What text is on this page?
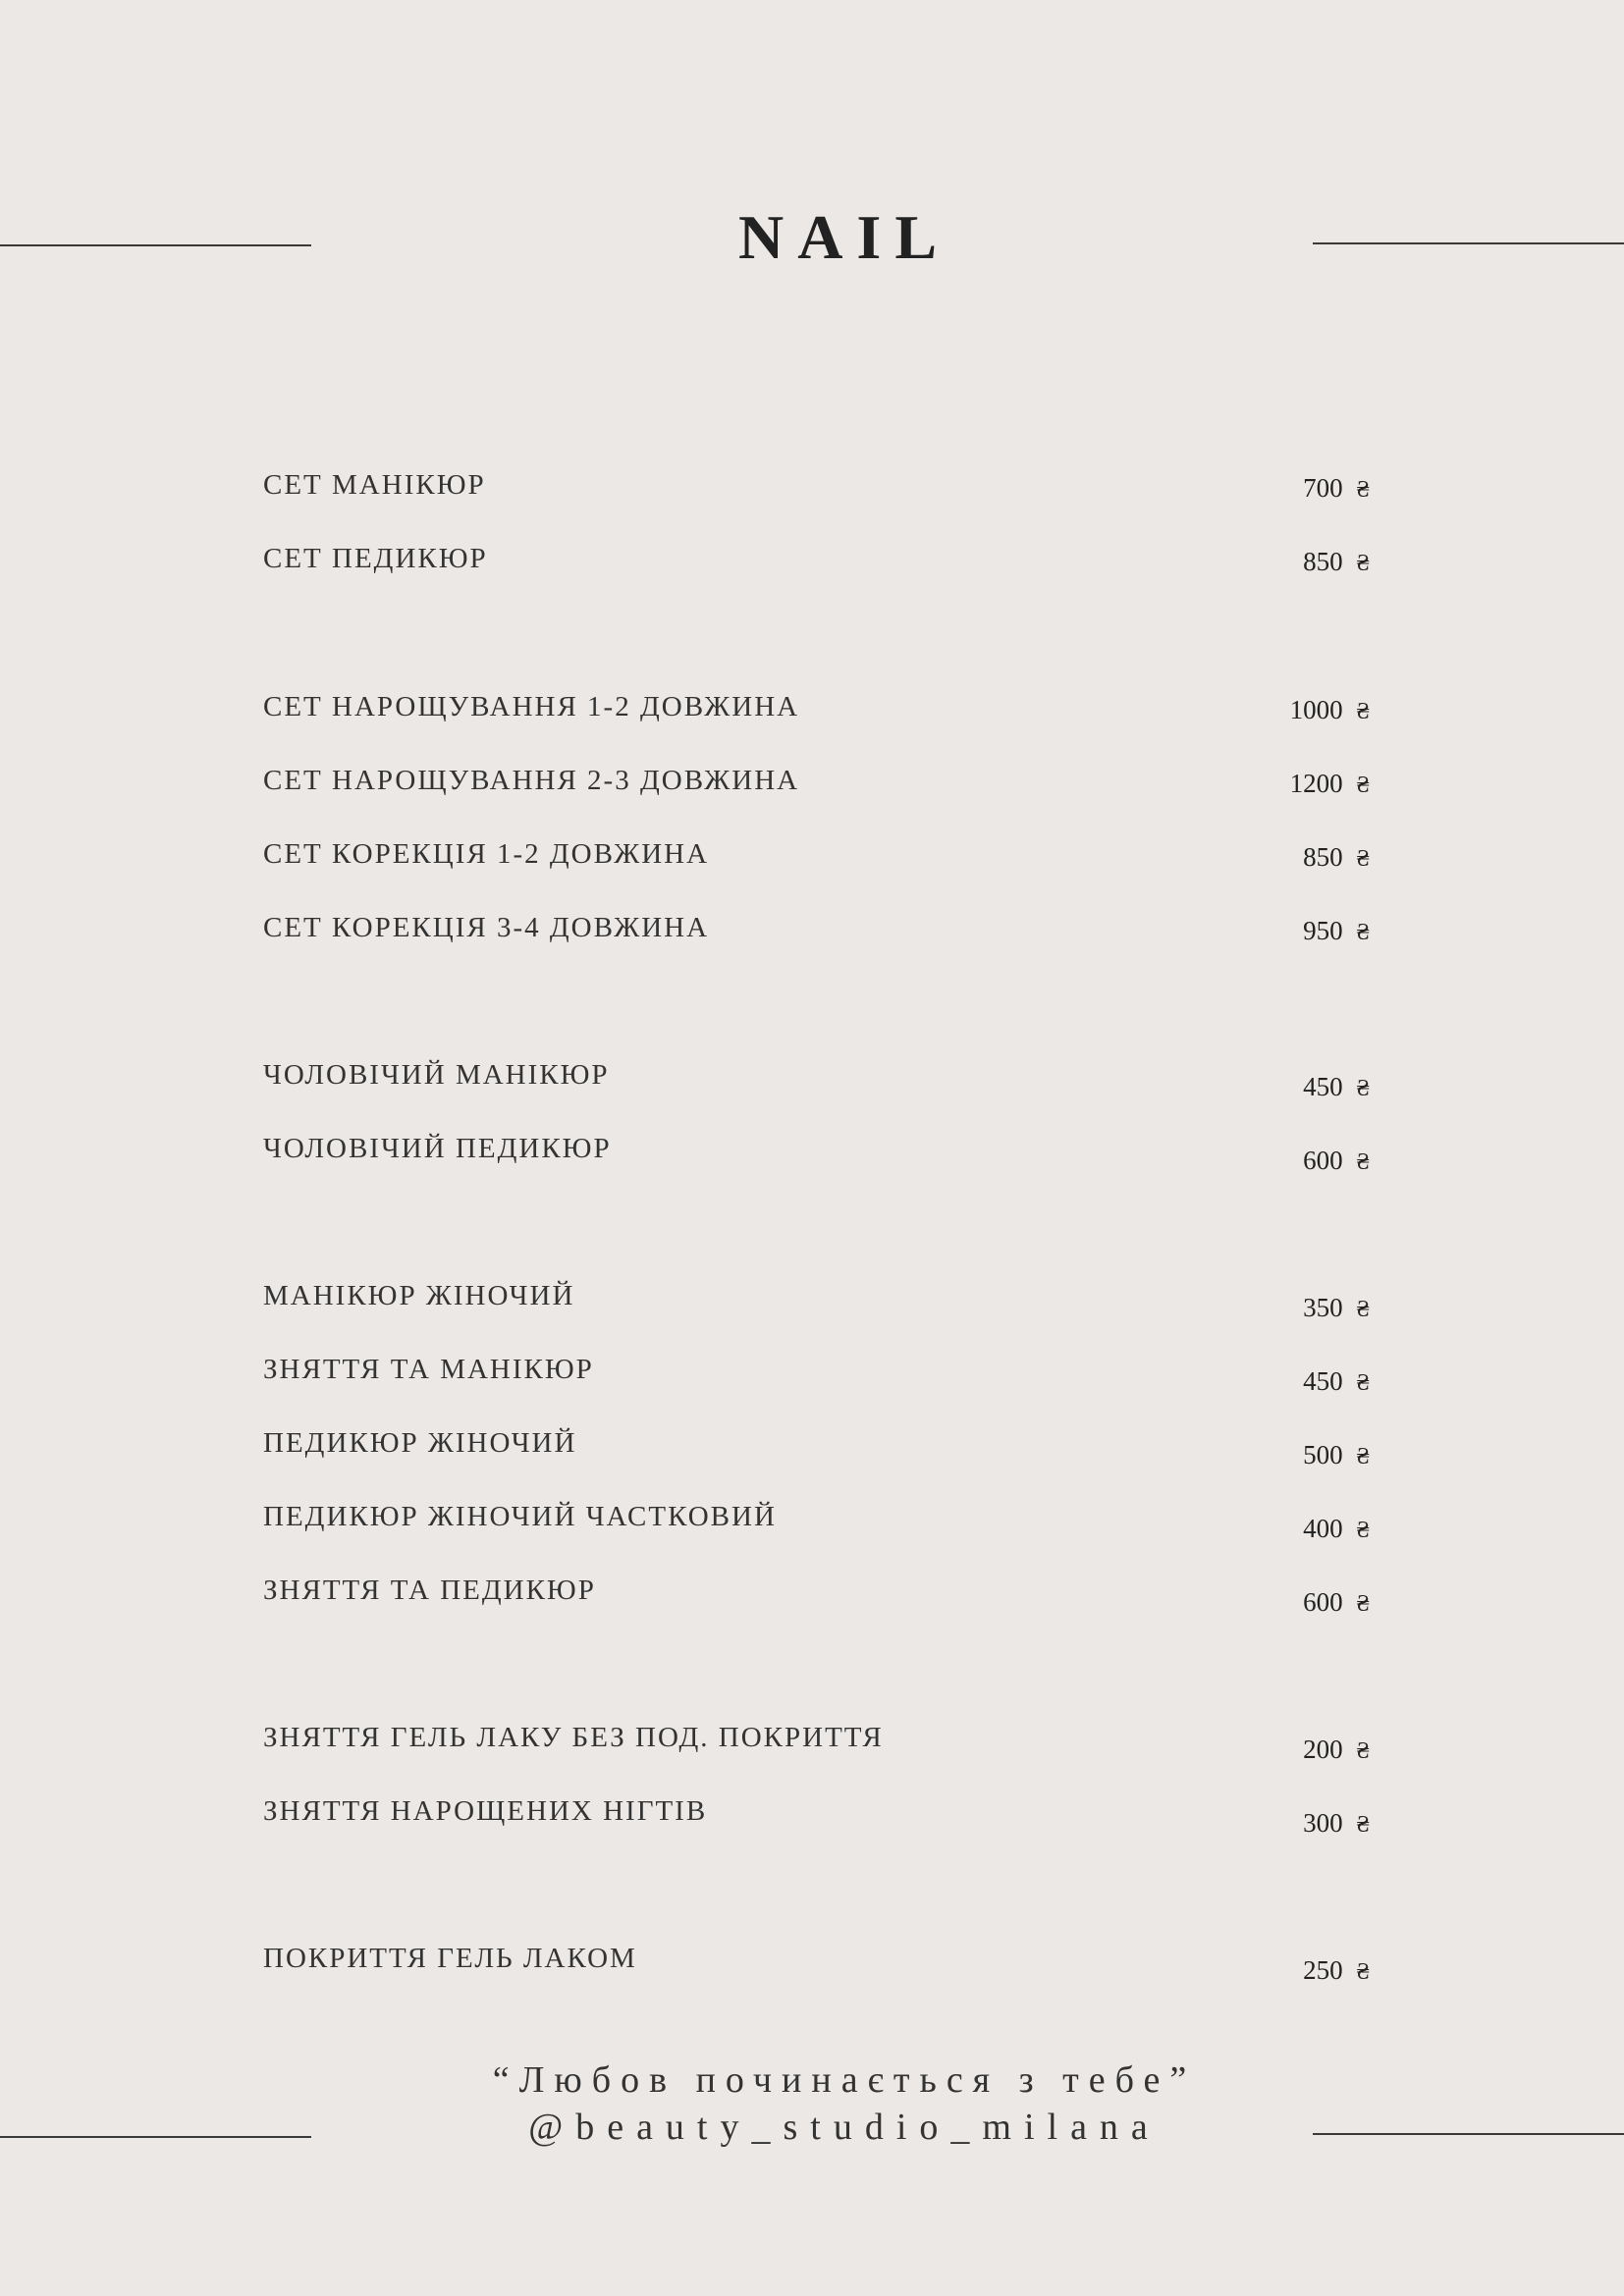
NAIL
СЕТ МАНІКЮР	700 ₴
СЕТ ПЕДИКЮР	850 ₴
СЕТ НАРОЩУВАННЯ 1-2 ДОВЖИНА	1000 ₴
СЕТ НАРОЩУВАННЯ 2-3 ДОВЖИНА	1200 ₴
СЕТ КОРЕКЦІЯ 1-2 ДОВЖИНА	850 ₴
СЕТ КОРЕКЦІЯ 3-4 ДОВЖИНА	950 ₴
ЧОЛОВІЧИЙ МАНІКЮР	450 ₴
ЧОЛОВІЧИЙ ПЕДИКЮР	600 ₴
МАНІКЮР ЖІНОЧИЙ	350 ₴
ЗНЯТТЯ ТА МАНІКЮР	450 ₴
ПЕДИКЮР ЖІНОЧИЙ	500 ₴
ПЕДИКЮР ЖІНОЧИЙ ЧАСТКОВИЙ	400 ₴
ЗНЯТТЯ ТА ПЕДИКЮР	600 ₴
ЗНЯТТЯ ГЕЛЬ ЛАКУ БЕЗ ПОД. ПОКРИТТЯ	200 ₴
ЗНЯТТЯ НАРОЩЕНИХ НІГТІВ	300 ₴
ПОКРИТТЯ ГЕЛЬ ЛАКОМ	250 ₴
“Любов починається з тебе”
@beauty_studio_milana
